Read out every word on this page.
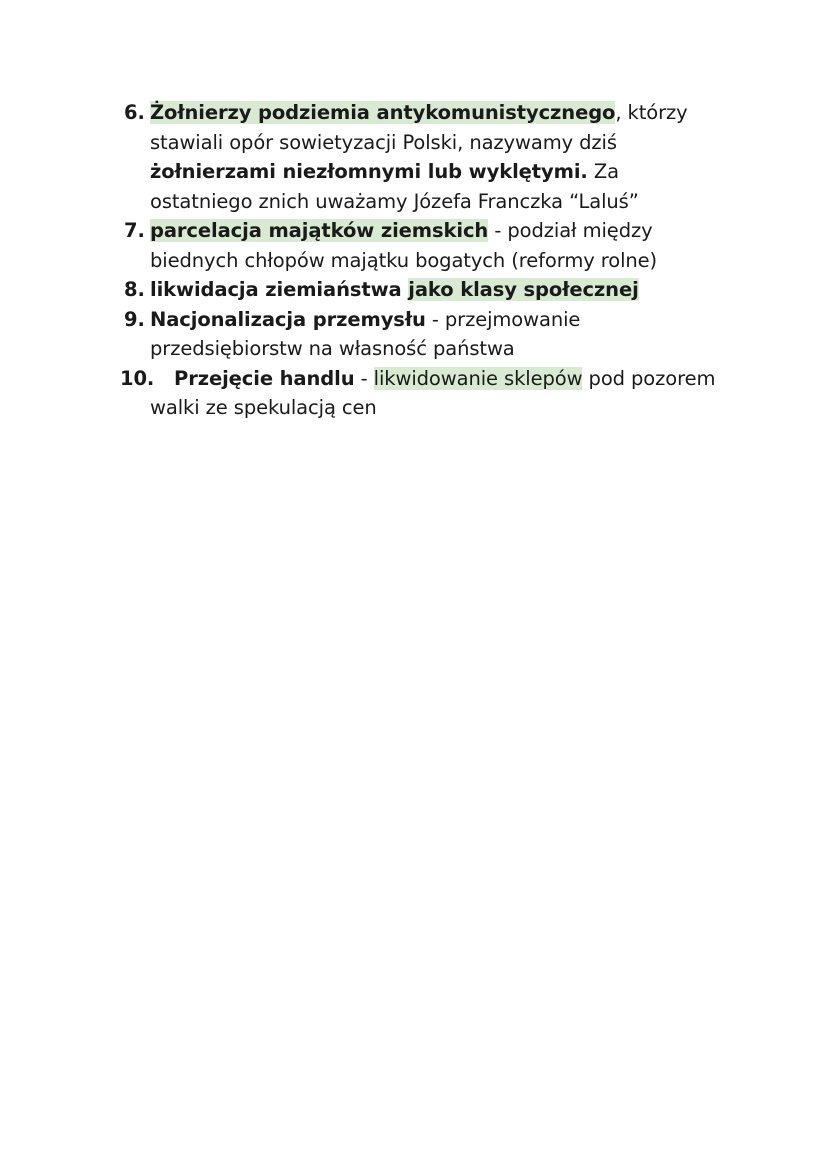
6. Żołnierzy podziemia antykomunistycznego, którzy stawiali opór sowietyzacji Polski, nazywamy dziś żołnierzami niezłomnymi lub wyklętymi. Za ostatniego znich uważamy Józefa Franczka “Laluś”
7. parcelacja majątków ziemskich - podział między biednych chłopów majątku bogatych (reformy rolne)
8. likwidacja ziemiaństwa jako klasy społecznej
9. Nacjonalizacja przemysłu - przejmowanie przedsiębiorstw na własność państwa
10. Przejęcie handlu - likwidowanie sklepów pod pozorem walki ze spekulacją cen
